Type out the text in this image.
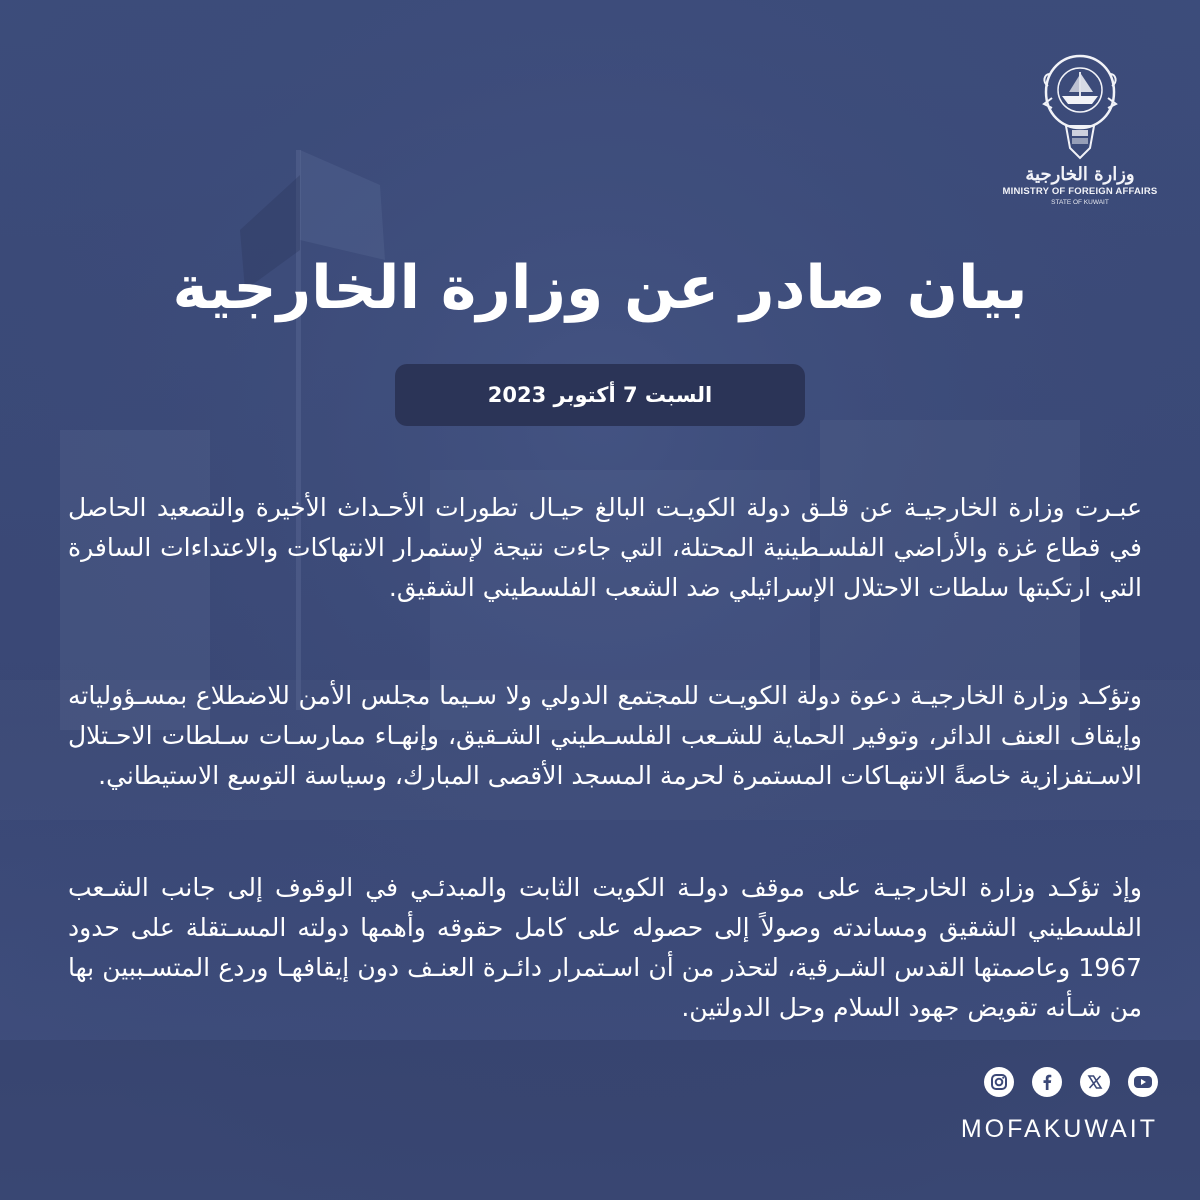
وزارة الخارجية
MINISTRY OF FOREIGN AFFAIRS
STATE OF KUWAIT
بيان صادر عن وزارة الخارجية
السبت 7 أكتوبر 2023
عبـرت وزارة الخارجيـة عن قلـق دولة الكويـت البالغ حيـال تطورات الأحـداث الأخيرة والتصعيد الحاصل في قطاع غزة والأراضي الفلسـطينية المحتلة، التي جاءت نتيجة لإستمرار الانتهاكات والاعتداءات السافرة التي ارتكبتها سلطات الاحتلال الإسرائيلي ضد الشعب الفلسطيني الشقيق.
وتؤكـد وزارة الخارجيـة دعوة دولة الكويـت للمجتمع الدولي ولا سـيما مجلس الأمن للاضطلاع بمسـؤولياته وإيقاف العنف الدائر، وتوفير الحماية للشـعب الفلسـطيني الشـقيق، وإنهـاء ممارسـات سـلطات الاحـتلال الاسـتفزازية خاصةً الانتهـاكات المستمرة لحرمة المسجد الأقصى المبارك، وسياسة التوسع الاستيطاني.
وإذ تؤكـد وزارة الخارجيـة على موقف دولـة الكويت الثابت والمبدئـي في الوقوف إلى جانب الشـعب الفلسطيني الشقيق ومساندته وصولاً إلى حصوله على كامل حقوقه وأهمها دولته المسـتقلة على حدود 1967 وعاصمتها القدس الشـرقية، لتحذر من أن اسـتمرار دائـرة العنـف دون إيقافهـا وردع المتسـببين بها من شـأنه تقويض جهود السلام وحل الدولتين.
MOFAKUWAIT
